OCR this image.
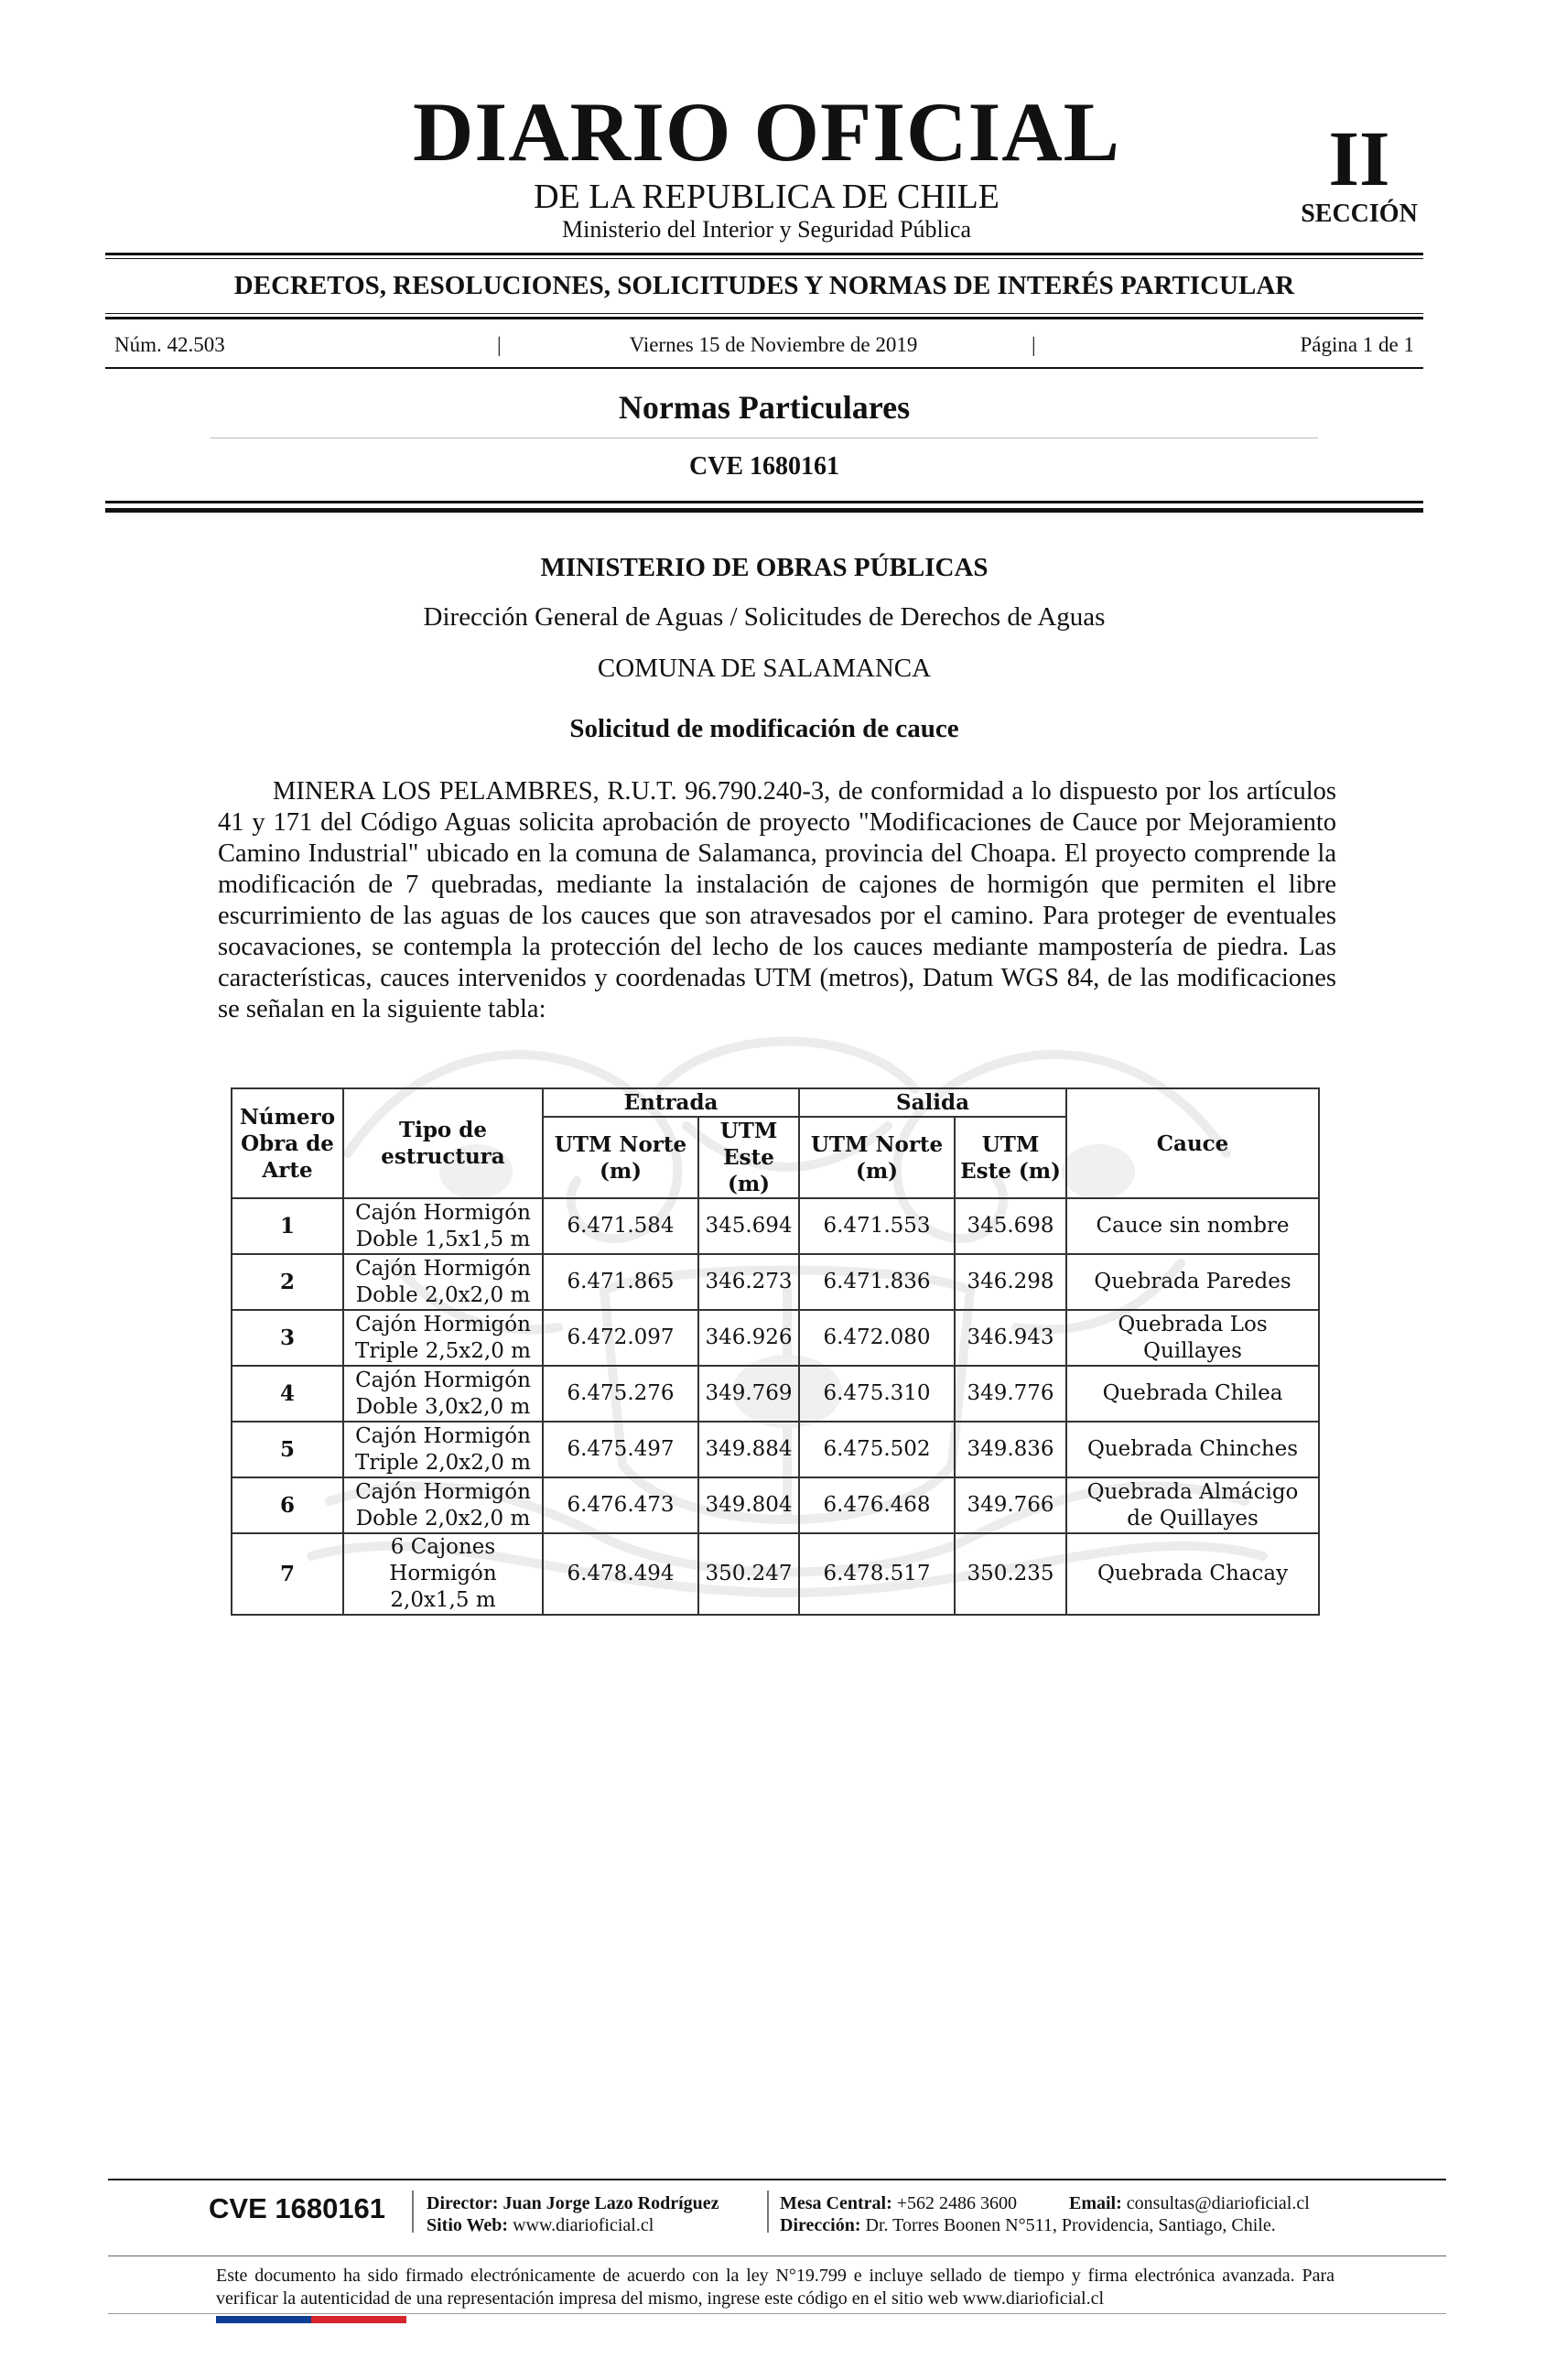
DIARIO OFICIAL
DE LA REPUBLICA DE CHILE
Ministerio del Interior y Seguridad Pública
II
SECCIÓN
DECRETOS, RESOLUCIONES, SOLICITUDES Y NORMAS DE INTERÉS PARTICULAR
Núm. 42.503	|	Viernes 15 de Noviembre de 2019	|	Página 1 de 1
Normas Particulares
CVE 1680161
MINISTERIO DE OBRAS PÚBLICAS
Dirección General de Aguas / Solicitudes de Derechos de Aguas
COMUNA DE SALAMANCA
Solicitud de modificación de cauce

MINERA LOS PELAMBRES, R.U.T. 96.790.240-3, de conformidad a lo dispuesto por los artículos 41 y 171 del Código Aguas solicita aprobación de proyecto "Modificaciones de Cauce por Mejoramiento Camino Industrial" ubicado en la comuna de Salamanca, provincia del Choapa. El proyecto comprende la modificación de 7 quebradas, mediante la instalación de cajones de hormigón que permiten el libre escurrimiento de las aguas de los cauces que son atravesados por el camino. Para proteger de eventuales socavaciones, se contempla la protección del lecho de los cauces mediante mampostería de piedra. Las características, cauces intervenidos y coordenadas UTM (metros), Datum WGS 84, de las modificaciones se señalan en la siguiente tabla:

Número Obra de Arte	Tipo de estructura	Entrada		Salida		Cauce
		UTM Norte (m)	UTM Este (m)	UTM Norte (m)	UTM Este (m)	
1	Cajón Hormigón Doble 1,5x1,5 m	6.471.584	345.694	6.471.553	345.698	Cauce sin nombre
2	Cajón Hormigón Doble 2,0x2,0 m	6.471.865	346.273	6.471.836	346.298	Quebrada Paredes
3	Cajón Hormigón Triple 2,5x2,0 m	6.472.097	346.926	6.472.080	346.943	Quebrada Los Quillayes
4	Cajón Hormigón Doble 3,0x2,0 m	6.475.276	349.769	6.475.310	349.776	Quebrada Chilea
5	Cajón Hormigón Triple 2,0x2,0 m	6.475.497	349.884	6.475.502	349.836	Quebrada Chinches
6	Cajón Hormigón Doble 2,0x2,0 m	6.476.473	349.804	6.476.468	349.766	Quebrada Almácigo de Quillayes
7	6 Cajones Hormigón 2,0x1,5 m	6.478.494	350.247	6.478.517	350.235	Quebrada Chacay
CVE 1680161 Director: Juan Jorge Lazo Rodríguez
Sitio Web: www.diarioficial.cl
Mesa Central: +562 2486 3600
Dirección: Dr. Torres Boonen N°511, Providencia, Santiago, Chile.
Email: consultas@diarioficial.cl

Este documento ha sido firmado electrónicamente de acuerdo con la ley N°19.799 e incluye sellado de tiempo y firma electrónica avanzada. Para verificar la autenticidad de una representación impresa del mismo, ingrese este código en el sitio web www.diarioficial.cl
